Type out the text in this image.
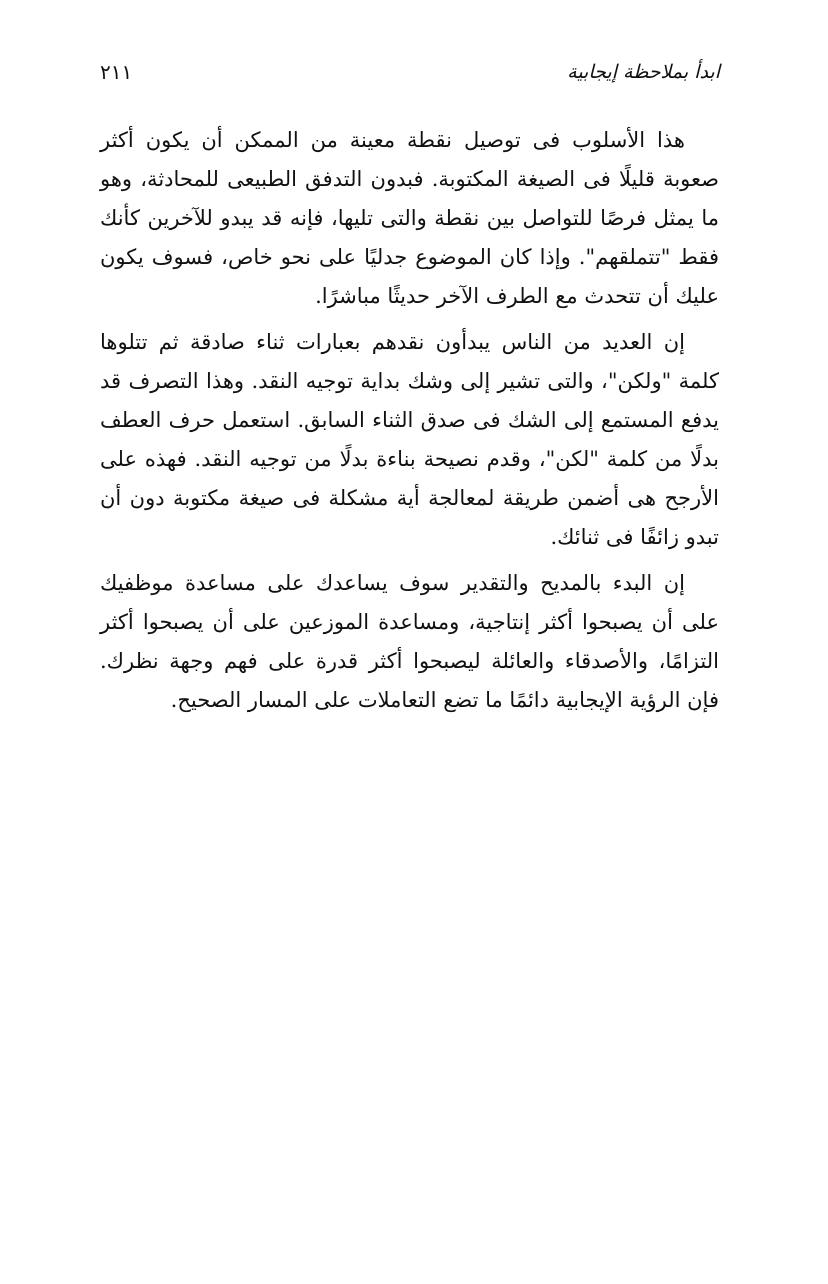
ابدأ بملاحظة إيجابية
٢١١

هذا الأسلوب فى توصيل نقطة معينة من الممكن أن يكون أكثر صعوبة قليلًا فى الصيغة المكتوبة. فبدون التدفق الطبيعى للمحادثة، وهو ما يمثل فرصًا للتواصل بين نقطة والتى تليها، فإنه قد يبدو للآخرين كأنك فقط "تتملقهم". وإذا كان الموضوع جدليًا على نحو خاص، فسوف يكون عليك أن تتحدث مع الطرف الآخر حديثًا مباشرًا.

إن العديد من الناس يبدأون نقدهم بعبارات ثناء صادقة ثم تتلوها كلمة "ولكن"، والتى تشير إلى وشك بداية توجيه النقد. وهذا التصرف قد يدفع المستمع إلى الشك فى صدق الثناء السابق. استعمل حرف العطف بدلًا من كلمة "لكن"، وقدم نصيحة بناءة بدلًا من توجيه النقد. فهذه على الأرجح هى أضمن طريقة لمعالجة أية مشكلة فى صيغة مكتوبة دون أن تبدو زائفًا فى ثنائك.

إن البدء بالمديح والتقدير سوف يساعدك على مساعدة موظفيك على أن يصبحوا أكثر إنتاجية، ومساعدة الموزعين على أن يصبحوا أكثر التزامًا، والأصدقاء والعائلة ليصبحوا أكثر قدرة على فهم وجهة نظرك. فإن الرؤية الإيجابية دائمًا ما تضع التعاملات على المسار الصحيح.
